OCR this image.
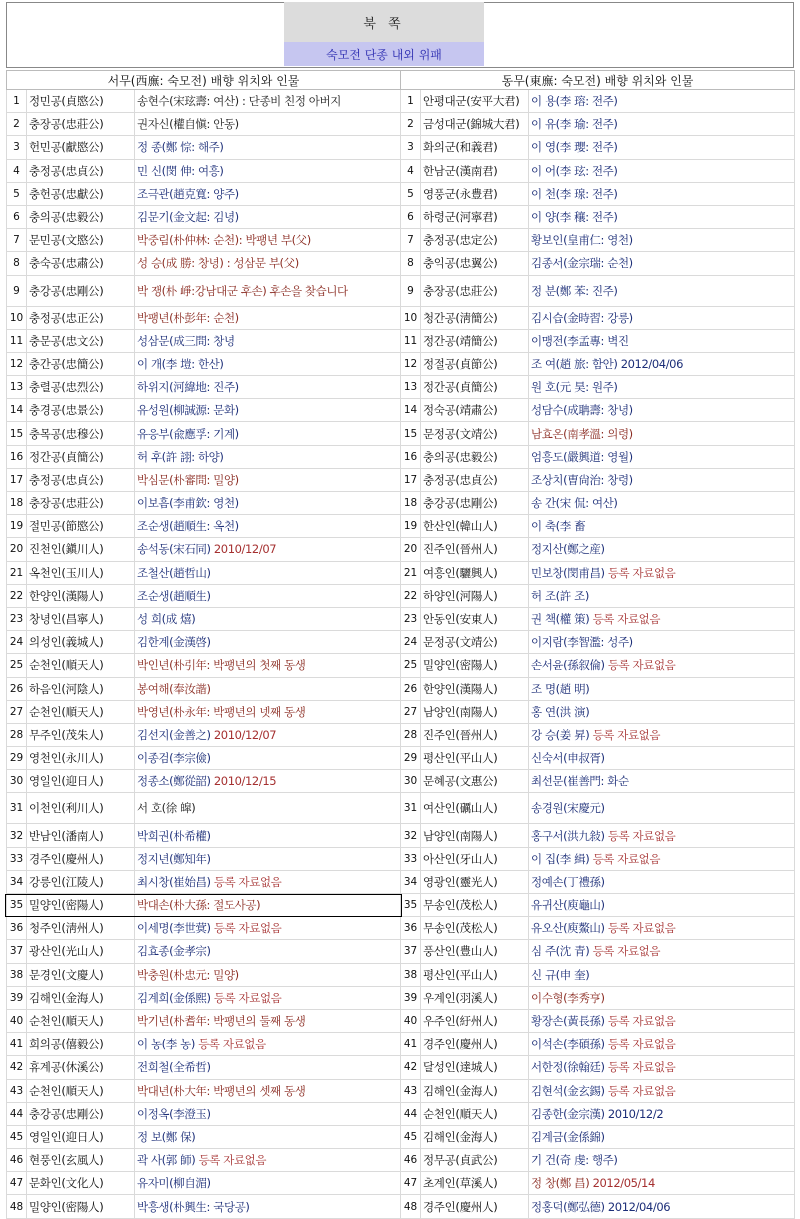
북 쪽
숙모전 단종 내외 위패
서무(西廡: 숙모전) 배향 위치와 인물			동무(東廡: 숙모전) 배향 위치와 인물		
1	정민공(貞愍公)	송현수(宋玹壽: 여산) : 단종비 친정 아버지	1	안평대군(安平大君)	이 용(李 瑢: 전주)
2	충장공(忠莊公)	권자신(權自愼: 안동)	2	금성대군(錦城大君)	이 유(李 瑜: 전주)
3	헌민공(獻愍公)	정 종(鄭 悰: 해주)	3	화의군(和義君)	이 영(李 瓔: 전주)
4	충정공(忠貞公)	민 신(閔 伸: 여흥)	4	한남군(漢南君)	이 어(李 玹: 전주)
5	충헌공(忠獻公)	조극관(趙克寬: 양주)	5	영풍군(永豊君)	이 천(李 瑔: 전주)
6	충의공(忠毅公)	김문기(金文起: 김녕)	6	하령군(河寧君)	이 양(李 穰: 전주)
7	문민공(文愍公)	박중림(朴仲林: 순천): 박팽년 부(父)	7	충정공(忠定公)	황보인(皇甫仁: 영천)
8	충숙공(忠肅公)	성 승(成 勝: 창녕) : 성삼문 부(父)	8	충익공(忠翼公)	김종서(金宗瑞: 순천)
9	충강공(忠剛公)	박 쟁(朴 崢:강남대군 후손) 후손을 찾습니다	9	충장공(忠莊公)	정 분(鄭 苯: 진주)
10	충정공(忠正公)	박팽년(朴彭年: 순천)	10	청간공(淸簡公)	김시습(金時習: 강릉)
11	충문공(忠文公)	성삼문(成三問: 창녕	11	정간공(靖簡公)	이맹전(李孟專: 벽진
12	충간공(忠簡公)	이 개(李 塏: 한산)	12	정절공(貞節公)	조 여(趙 旅: 함안) 2012/04/06
13	충렬공(忠烈公)	하위지(河緯地: 진주)	13	정간공(貞簡公)	원 호(元 昊: 원주)
14	충경공(忠景公)	유성원(柳誠源: 문화)	14	정숙공(靖肅公)	성담수(成聃壽: 창녕)
15	충목공(忠穆公)	유응부(兪應孚: 기계)	15	문정공(文靖公)	남효온(南孝溫: 의령)
16	정간공(貞簡公)	허 후(許 詡: 하양)	16	충의공(忠毅公)	엄흥도(嚴興道: 영월)
17	충정공(忠貞公)	박심문(朴審問: 밀양)	17	충정공(忠貞公)	조상치(曺尙治: 창령)
18	충장공(忠莊公)	이보흠(李甫欽: 영천)	18	충강공(忠剛公)	송 간(宋 侃: 여산)
19	절민공(節愍公)	조순생(趙順生: 옥천)	19	한산인(韓山人)	이 축(李 畜
20	진천인(鎭川人)	송석동(宋石同) 2010/12/07	20	진주인(晉州人)	정지산(鄭之産)
21	옥천인(玉川人)	조철산(趙哲山)	21	여흥인(驪興人)	민보창(閔甫昌) 등록 자료없음
22	한양인(漢陽人)	조순생(趙順生)	22	하양인(河陽人)	허 조(許 조)
23	창녕인(昌寧人)	성 희(成 熺)	23	안동인(安東人)	권 책(權 策) 등록 자료없음
24	의성인(義城人)	김한계(金漢啓)	24	문정공(文靖公)	이지람(李智濫: 성주)
25	순천인(順天人)	박인년(朴引年: 박팽년의 첫째 동생	25	밀양인(密陽人)	손서윤(孫叙倫) 등록 자료없음
26	하음인(河陰人)	봉여해(奉汝諧)	26	한양인(漢陽人)	조 명(趙 明)
27	순천인(順天人)	박영년(朴永年: 박팽년의 넷째 동생	27	남양인(南陽人)	홍 연(洪 演)
28	무주인(茂朱人)	김선지(金善之) 2010/12/07	28	진주인(晉州人)	강 승(姜 昇) 등록 자료없음
29	영천인(永川人)	이종검(李宗儉)	29	평산인(平山人)	신숙서(申叔胥)
30	영일인(迎日人)	정종소(鄭從韶) 2010/12/15	30	문혜공(文惠公)	최선문(崔善門: 화순
31	이천인(利川人)	서 호(徐 皡)	31	여산인(礪山人)	송경원(宋慶元)
32	반남인(潘南人)	박희권(朴希權)	32	남양인(南陽人)	홍구서(洪九敍) 등록 자료없음
33	경주인(慶州人)	정지년(鄭知年)	33	아산인(牙山人)	이 집(李 緝) 등록 자료없음
34	강릉인(江陵人)	최시창(崔始昌) 등록 자료없음	34	영광인(靈光人)	정예손(丁禮孫)
35	밀양인(密陽人)	박대손(朴大孫: 절도사공)	35	무송인(茂松人)	유귀산(庾龜山)
36	청주인(淸州人)	이세명(李世蓂) 등록 자료없음	36	무송인(茂松人)	유오산(庾鰲山) 등록 자료없음
37	광산인(光山人)	김효종(金孝宗)	37	풍산인(豊山人)	심 주(沈 青) 등록 자료없음
38	문경인(文慶人)	박충원(朴忠元: 밀양)	38	평산인(平山人)	신 규(申 奎)
39	김해인(金海人)	김계희(金係熙) 등록 자료없음	39	우계인(羽溪人)	이수형(李秀亨)
40	순천인(順天人)	박기년(朴耆年: 박팽년의 둘째 동생	40	우주인(紆州人)	황장손(黃長孫) 등록 자료없음
41	희의공(僖毅公)	이 농(李 농) 등록 자료없음	41	경주인(慶州人)	이석손(李碩孫) 등록 자료없음
42	휴계공(休溪公)	전희철(全希哲)	42	달성인(達城人)	서한정(徐翰廷) 등록 자료없음
43	순천인(順天人)	박대년(朴大年: 박팽년의 셋째 동생	43	김해인(金海人)	김현석(金玄錫) 등록 자료없음
44	충강공(忠剛公)	이정옥(李澄玉)	44	순천인(順天人)	김종한(金宗漢) 2010/12/2
45	영일인(迎日人)	정 보(鄭 保)	45	김해인(金海人)	김계금(金係錦)
46	현풍인(玄風人)	곽 사(郭 師) 등록 자료없음	46	정무공(貞武公)	기 건(奇 虔: 행주)
47	문화인(文化人)	유자미(柳自湄)	47	초계인(草溪人)	정 창(鄭 昌) 2012/05/14
48	밀양인(密陽人)	박흥생(朴興生: 국당공)	48	경주인(慶州人)	정홍덕(鄭弘德) 2012/04/06
